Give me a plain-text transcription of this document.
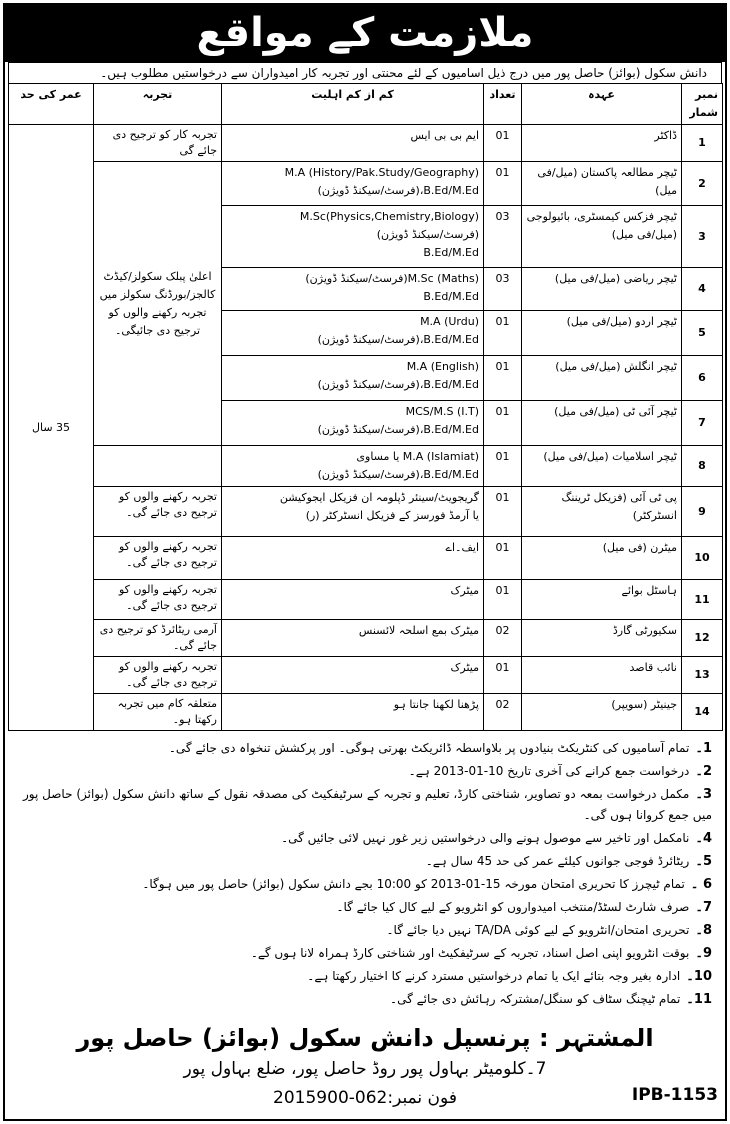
ملازمت کے مواقع
دانش سکول (بوائز) حاصل پور میں درج ذیل اسامیوں کے لئے محنتی اور تجربہ کار امیدواران سے درخواستیں مطلوب ہیں۔
نمبر شمار	عہدہ	تعداد	کم از کم اہلیت	تجربہ	عمر کی حد
1	ڈاکٹر	01	ایم بی بی ایس	تجربہ کار کو ترجیح دی جائے گی	35 سال
2	ٹیچر مطالعہ پاکستان (میل/فی میل)	01	M.A (History/Pak.Study/Geography)
B.Ed/M.Ed،(فرسٹ/سیکنڈ ڈویژن)	اعلیٰ پبلک سکولز/کیڈٹ کالجز/بورڈنگ سکولز میں تجربہ رکھنے والوں کو ترجیح دی جائیگی۔	
3	ٹیچر فزکس کیمسٹری، بائیولوجی (میل/فی میل)	03	M.Sc(Physics,Chemistry,Biology)
(فرسٹ/سیکنڈ ڈویژن)
B.Ed/M.Ed		

4	ٹیچر ریاضی (میل/فی میل)	03	M.Sc (Maths)(فرسٹ/سیکنڈ ڈویژن)
B.Ed/M.Ed		

5	ٹیچر اردو (میل/فی میل)	01	M.A (Urdu)
B.Ed/M.Ed،(فرسٹ/سیکنڈ ڈویژن)		

6	ٹیچر انگلش (میل/فی میل)	01	M.A (English)
B.Ed/M.Ed،(فرسٹ/سیکنڈ ڈویژن)		

7	ٹیچر آئی ٹی (میل/فی میل)	01	MCS/M.S (I.T)
B.Ed/M.Ed،(فرسٹ/سیکنڈ ڈویژن)		

8	ٹیچر اسلامیات (میل/فی میل)	01	M.A (Islamiat) یا مساوی
B.Ed/M.Ed،(فرسٹ/سیکنڈ ڈویژن)		

9	پی ٹی آئی (فزیکل ٹریننگ انسٹرکٹر)	01	گریجویٹ/سینئر ڈپلومہ ان فزیکل ایجوکیشن
یا آرمڈ فورسز کے فزیکل انسٹرکٹر (ر)	تجربہ رکھنے والوں کو ترجیح دی جائے گی۔	
10	میٹرن (فی میل)	01	ایف۔اے	تجربہ رکھنے والوں کو ترجیح دی جائے گی۔	
11	ہاسٹل بوائے	01	میٹرک	تجربہ رکھنے والوں کو ترجیح دی جائے گی۔	
12	سکیورٹی گارڈ	02	میٹرک بمع اسلحہ لائسنس	آرمی ریٹائرڈ کو ترجیح دی جائے گی۔	
13	نائب قاصد	01	میٹرک	تجربہ رکھنے والوں کو ترجیح دی جائے گی۔	
14	جینیٹر (سویپر)	02	پڑھنا لکھنا جانتا ہو	متعلقہ کام میں تجربہ رکھتا ہو۔	
1۔تمام آسامیوں کی کنٹریکٹ بنیادوں پر بلاواسطہ ڈائریکٹ بھرتی ہوگی۔ اور پرکشش تنخواہ دی جائے گی۔
2۔درخواست جمع کرانے کی آخری تاریخ 10-01-2013 ہے۔
3۔مکمل درخواست بمعہ دو تصاویر، شناختی کارڈ، تعلیم و تجربہ کے سرٹیفکیٹ کی مصدقہ نقول کے ساتھ دانش سکول (بوائز) حاصل پور میں جمع کروانا ہوں گی۔
4۔نامکمل اور تاخیر سے موصول ہونے والی درخواستیں زیر غور نہیں لائی جائیں گی۔
5۔ریٹائرڈ فوجی جوانوں کیلئے عمر کی حد 45 سال ہے۔
6 ۔تمام ٹیچرز کا تحریری امتحان مورخہ 15-01-2013 کو 10:00 بجے دانش سکول (بوائز) حاصل پور میں ہوگا۔
7۔صرف شارٹ لسٹڈ/منتخب امیدواروں کو انٹرویو کے لیے کال کیا جائے گا۔
8۔تحریری امتحان/انٹرویو کے لیے کوئی TA/DA نہیں دیا جائے گا۔
9۔بوقت انٹرویو اپنی اصل اسناد، تجربہ کے سرٹیفکیٹ اور شناختی کارڈ ہمراہ لانا ہوں گے۔
10۔ادارہ بغیر وجہ بتائے ایک یا تمام درخواستیں مسترد کرنے کا اختیار رکھتا ہے۔
11۔تمام ٹیچنگ سٹاف کو سنگل/مشترکہ رہائش دی جائے گی۔
المشتہر : پرنسپل دانش سکول (بوائز) حاصل پور
7۔کلومیٹر بہاول پور روڈ حاصل پور، ضلع بہاول پور
فون نمبر:062-2015900	IPB-1153
